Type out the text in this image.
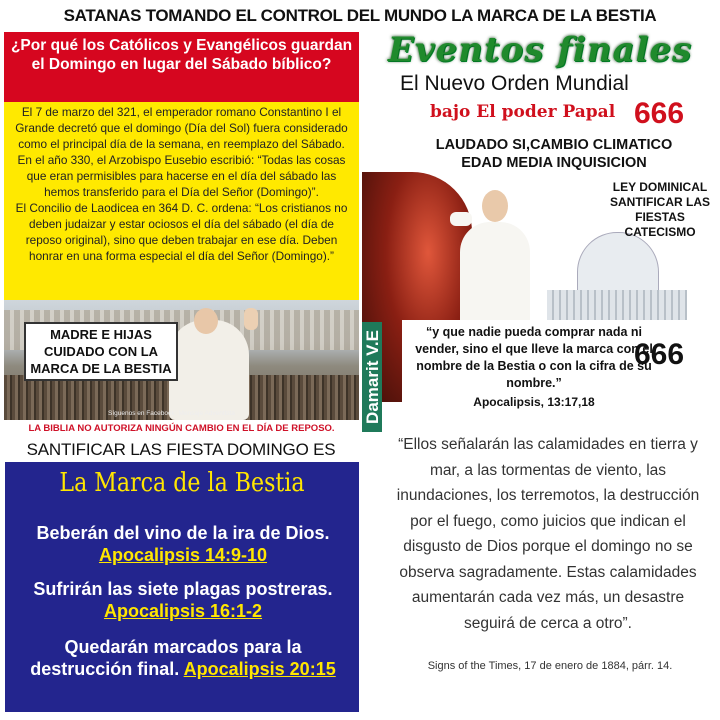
SATANAS TOMANDO EL CONTROL DEL MUNDO LA MARCA DE LA BESTIA
¿Por qué los Católicos y Evangélicos guardan el Domingo en lugar del Sábado bíblico?
El 7 de marzo del 321, el emperador romano Constantino I el Grande decretó que el domingo (Día del Sol) fuera considerado como el principal día de la semana, en reemplazo del Sábado. En el año 330, el Arzobispo Eusebio escribió: “Todas las cosas que eran permisibles para hacerse en el día del sábado las hemos transferido para el Día del Señor (Domingo)”.
El Concilio de Laodicea en 364 D. C. ordena: “Los cristianos no deben judaizar y estar ociosos el día del sábado (el día de reposo original), sino que deben trabajar en ese día. Deben honrar en una forma especial el día del Señor (Domingo).”
MADRE E HIJAS CUIDADO CON LA MARCA DE LA BESTIA
Síguenos en Facebook: Mensaje Adventista
LA BIBLIA NO AUTORIZA NINGÚN CAMBIO EN EL DÍA DE REPOSO.
Eventos finales
El Nuevo Orden Mundial
bajo El poder Papal 666
LAUDADO SI,CAMBIO CLIMATICO EDAD MEDIA INQUISICION
LEY DOMINICAL SANTIFICAR LAS FIESTAS CATECISMO
Damarit V.E	“y que nadie pueda comprar nada ni vender, sino el que lleve la marca con el nombre de la Bestia o con la cifra de su nombre.”
666
Apocalipsis, 13:17,18
SANTIFICAR LAS FIESTA DOMINGO ES
La Marca de la Bestia
Beberán del vino de la ira de Dios. Apocalipsis 14:9-10
Sufrirán las siete plagas postreras. Apocalipsis 16:1-2
Quedarán marcados para la destrucción final. Apocalipsis 20:15
“Ellos señalarán las calamidades en tierra y mar, a las tormentas de viento, las inundaciones, los terremotos, la destrucción por el fuego, como juicios que indican el disgusto de Dios porque el domingo no se observa sagradamente. Estas calamidades aumentarán cada vez más, un desastre seguirá de cerca a otro”.
Signs of the Times, 17 de enero de 1884, párr. 14.
